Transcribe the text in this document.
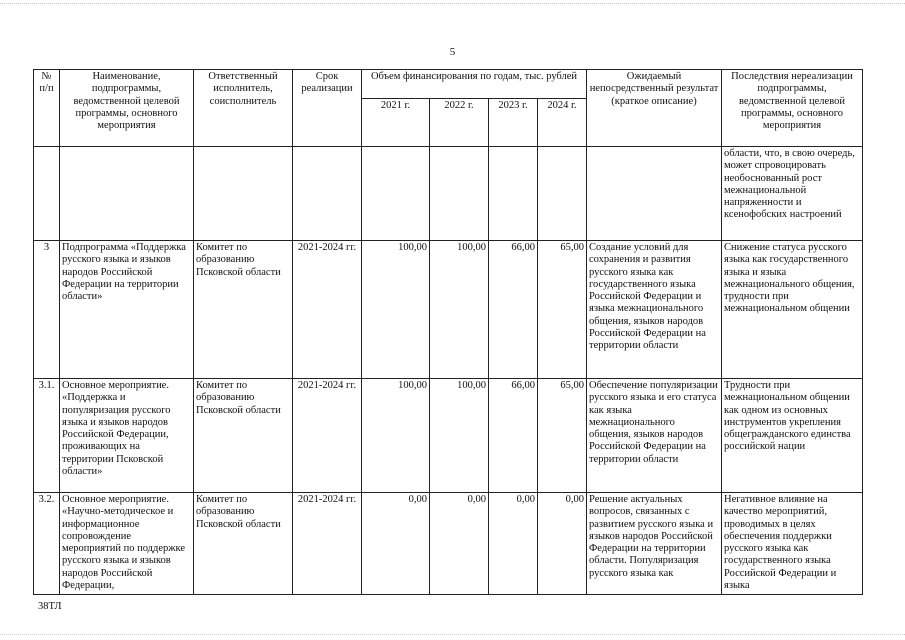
5
№ п/п	Наименование, подпрограммы, ведомственной целевой программы, основного мероприятия	Ответственный исполнитель, соисполнитель	Срок реализации	Объем финансирования по годам, тыс. рублей				Ожидаемый непосредственный результат (краткое описание)	Последствия нереализации подпрограммы, ведомственной целевой программы, основного мероприятия
				2021 г.	2022 г.	2023 г.	2024 г.		
									области, что, в свою очередь, может спровоцировать необоснованный рост межнациональной напряженности и ксенофобских настроений
3	Подпрограмма «Поддержка русского языка и языков народов Российской Федерации на территории области»	Комитет по образованию Псковской области	2021-2024 гг.	100,00	100,00	66,00	65,00	Создание условий для сохранения и развития русского языка как государственного языка Российской Федерации и языка межнационального общения, языков народов Российской Федерации на территории области	Снижение статуса русского языка как государственного языка и языка межнационального общения, трудности при межнациональном общении
3.1.	Основное мероприятие. «Поддержка и популяризация русского языка и языков народов Российской Федерации, проживающих на территории Псковской области»	Комитет по образованию Псковской области	2021-2024 гг.	100,00	100,00	66,00	65,00	Обеспечение популяризации русского языка и его статуса как языка межнационального общения, языков народов Российской Федерации на территории области	Трудности при межнациональном общении как одном из основных инструментов укрепления общегражданского единства российской нации
3.2.	Основное мероприятие. «Научно-методическое и информационное сопровождение мероприятий по поддержке русского языка и языков народов Российской Федерации,	Комитет по образованию Псковской области	2021-2024 гг.	0,00	0,00	0,00	0,00	Решение актуальных вопросов, связанных с развитием русского языка и языков народов Российской Федерации на территории области. Популяризация русского языка как	Негативное влияние на качество мероприятий, проводимых в целях обеспечения поддержки русского языка как государственного языка Российской Федерации и языка
38ТЛ
